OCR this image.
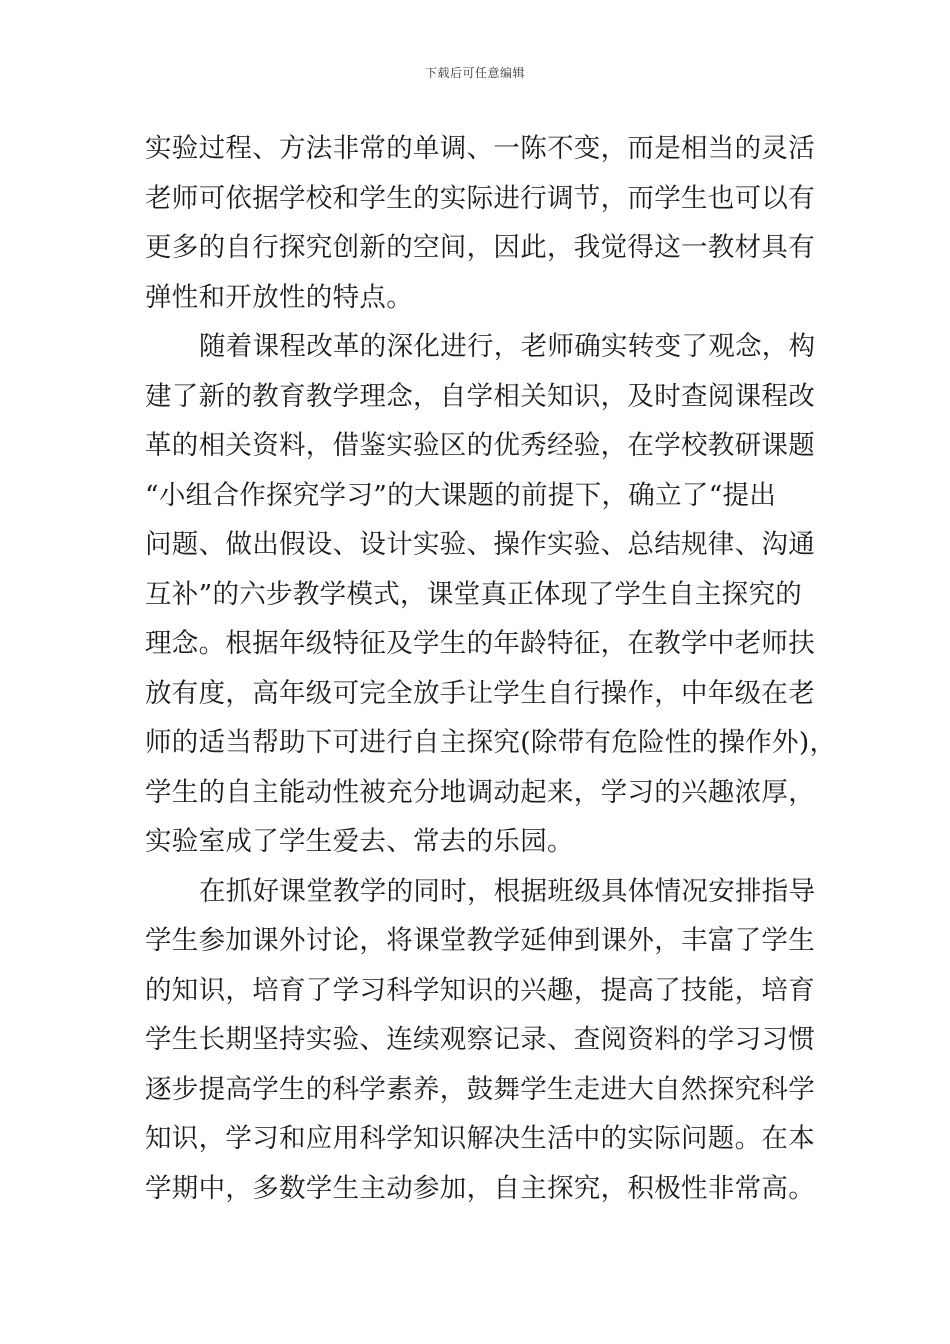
下载后可任意编辑
实验过程、方法非常的单调、一陈不变，而是相当的灵活
老师可依据学校和学生的实际进行调节，而学生也可以有
更多的自行探究创新的空间，因此，我觉得这一教材具有
弹性和开放性的特点。
随着课程改革的深化进行，老师确实转变了观念，构
建了新的教育教学理念，自学相关知识，及时查阅课程改
革的相关资料，借鉴实验区的优秀经验，在学校教研课题
“小组合作探究学习”的大课题的前提下，确立了“提出
问题、做出假设、设计实验、操作实验、总结规律、沟通
互补”的六步教学模式，课堂真正体现了学生自主探究的
理念。根据年级特征及学生的年龄特征，在教学中老师扶
放有度，高年级可完全放手让学生自行操作，中年级在老
师的适当帮助下可进行自主探究(除带有危险性的操作外)，
学生的自主能动性被充分地调动起来，学习的兴趣浓厚，
实验室成了学生爱去、常去的乐园。
在抓好课堂教学的同时，根据班级具体情况安排指导
学生参加课外讨论，将课堂教学延伸到课外，丰富了学生
的知识，培育了学习科学知识的兴趣，提高了技能，培育
学生长期坚持实验、连续观察记录、查阅资料的学习习惯
逐步提高学生的科学素养，鼓舞学生走进大自然探究科学
知识，学习和应用科学知识解决生活中的实际问题。在本
学期中，多数学生主动参加，自主探究，积极性非常高。
